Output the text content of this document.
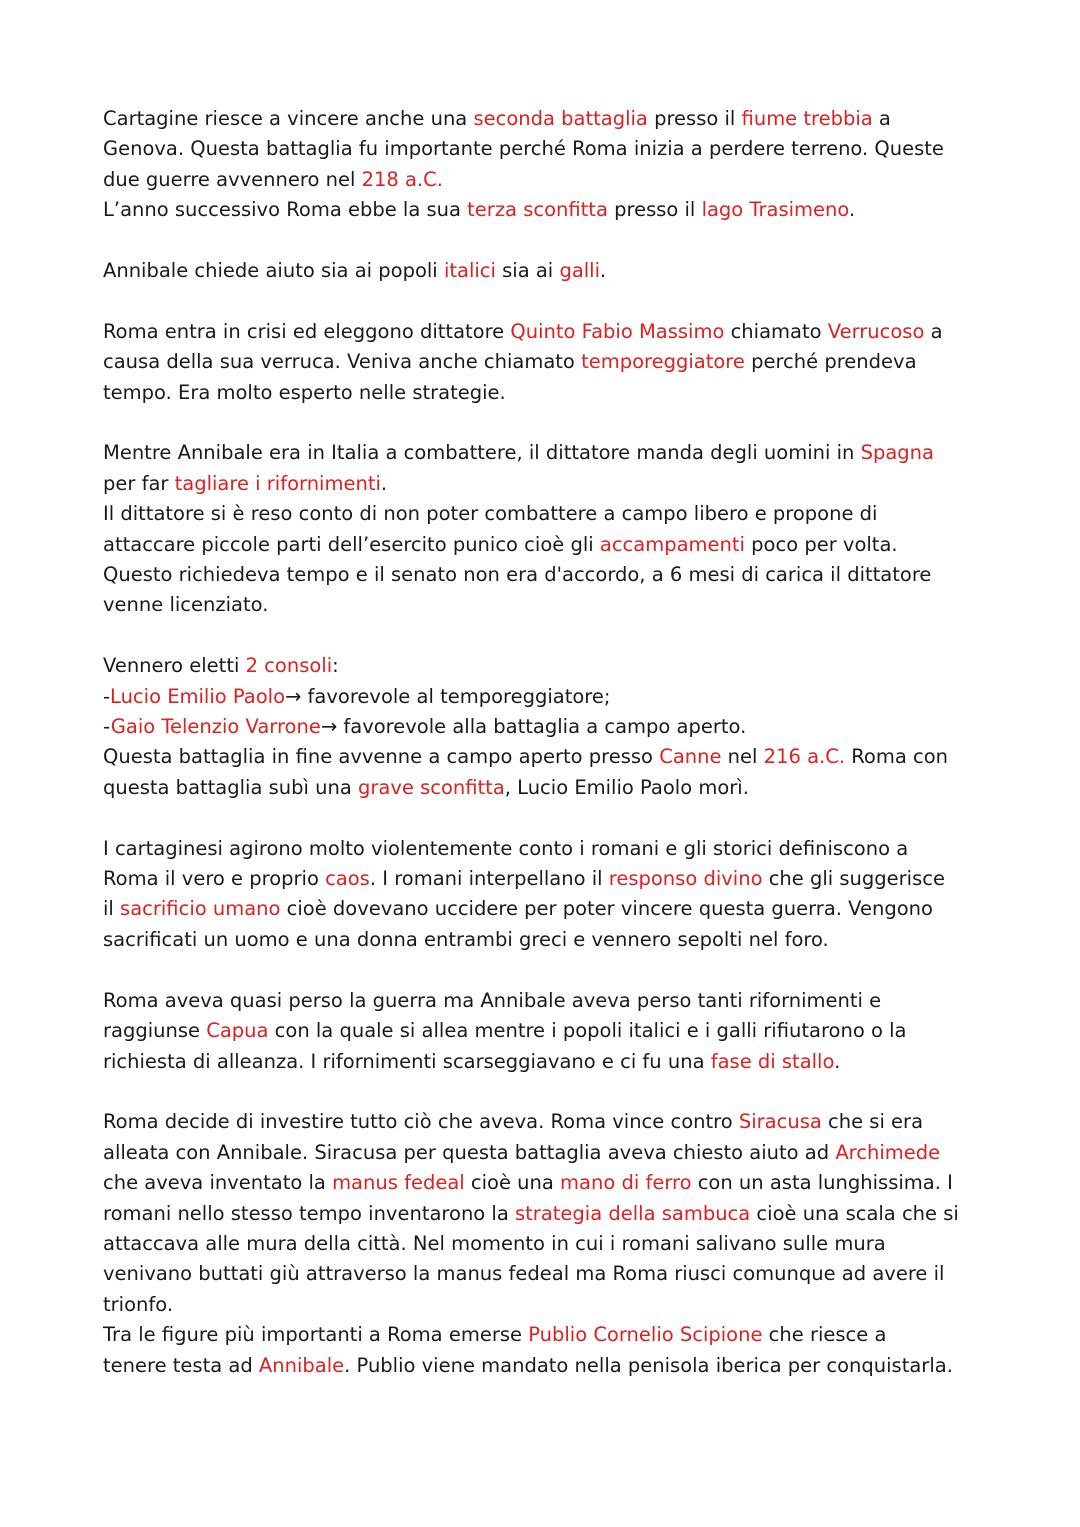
Cartagine riesce a vincere anche una seconda battaglia presso il fiume trebbia a
Genova. Questa battaglia fu importante perché Roma inizia a perdere terreno. Queste
due guerre avvennero nel 218 a.C.
L’anno successivo Roma ebbe la sua terza sconfitta presso il lago Trasimeno.
Annibale chiede aiuto sia ai popoli italici sia ai galli.
Roma entra in crisi ed eleggono dittatore Quinto Fabio Massimo chiamato Verrucoso a
causa della sua verruca. Veniva anche chiamato temporeggiatore perché prendeva
tempo. Era molto esperto nelle strategie.
Mentre Annibale era in Italia a combattere, il dittatore manda degli uomini in Spagna
per far tagliare i rifornimenti.
Il dittatore si è reso conto di non poter combattere a campo libero e propone di
attaccare piccole parti dell’esercito punico cioè gli accampamenti poco per volta.
Questo richiedeva tempo e il senato non era d'accordo, a 6 mesi di carica il dittatore
venne licenziato.
Vennero eletti 2 consoli:
-Lucio Emilio Paolo→ favorevole al temporeggiatore;
-Gaio Telenzio Varrone→ favorevole alla battaglia a campo aperto.
Questa battaglia in fine avvenne a campo aperto presso Canne nel 216 a.C. Roma con
questa battaglia subì una grave sconfitta, Lucio Emilio Paolo morì.
I cartaginesi agirono molto violentemente conto i romani e gli storici definiscono a
Roma il vero e proprio caos. I romani interpellano il responso divino che gli suggerisce
il sacrificio umano cioè dovevano uccidere per poter vincere questa guerra. Vengono
sacrificati un uomo e una donna entrambi greci e vennero sepolti nel foro.
Roma aveva quasi perso la guerra ma Annibale aveva perso tanti rifornimenti e
raggiunse Capua con la quale si allea mentre i popoli italici e i galli rifiutarono o la
richiesta di alleanza. I rifornimenti scarseggiavano e ci fu una fase di stallo.
Roma decide di investire tutto ciò che aveva. Roma vince contro Siracusa che si era
alleata con Annibale. Siracusa per questa battaglia aveva chiesto aiuto ad Archimede
che aveva inventato la manus fedeal cioè una mano di ferro con un asta lunghissima. I
romani nello stesso tempo inventarono la strategia della sambuca cioè una scala che si
attaccava alle mura della città. Nel momento in cui i romani salivano sulle mura
venivano buttati giù attraverso la manus fedeal ma Roma riusci comunque ad avere il
trionfo.
Tra le figure più importanti a Roma emerse Publio Cornelio Scipione che riesce a
tenere testa ad Annibale. Publio viene mandato nella penisola iberica per conquistarla.
